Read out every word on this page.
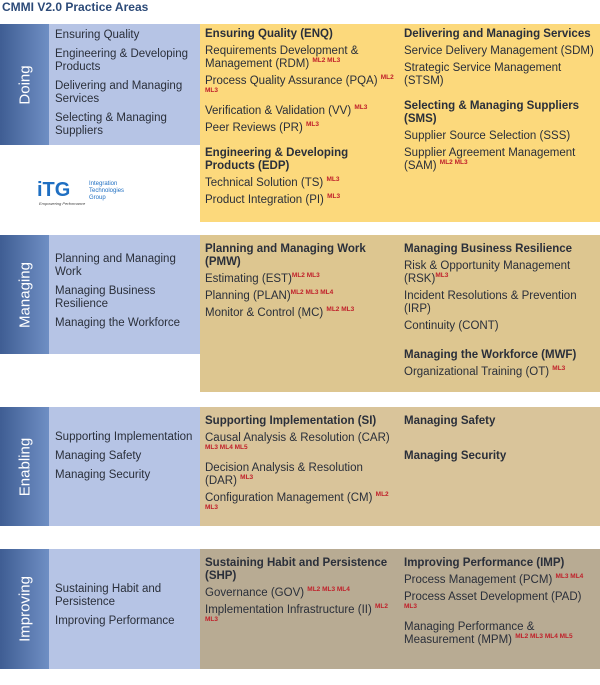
CMMI V2.0 Practice Areas
Doing
Ensuring Quality
Engineering & Developing Products
Delivering and Managing Services
Selecting & Managing Suppliers
Ensuring Quality (ENQ)
Requirements Development & Management (RDM) $^{ML2 ML3}$
Process Quality Assurance (PQA) $^{ML2 ML3}$
Verification & Validation (VV) $^{ML3}$
Peer Reviews (PR) $^{ML3}$
Engineering & Developing Products (EDP)
Technical Solution (TS) $^{ML3}$
Product Integration (PI) $^{ML3}$
Delivering and Managing Services
Service Delivery Management (SDM)
Strategic Service Management (STSM)
Selecting & Managing Suppliers (SMS)
Supplier Source Selection (SSS)
Supplier Agreement Management (SAM) $^{ML2 ML3}$
iTG	Integration
Technologies
Group
Empowering Performance
Managing
Planning and Managing Work
Managing Business Resilience
Managing the Workforce
Planning and Managing Work (PMW)
Estimating (EST)$^{ML2 ML3}$
Planning (PLAN)$^{ML2 ML3 ML4}$
Monitor & Control (MC) $^{ML2 ML3}$
Managing Business Resilience
Risk & Opportunity Management (RSK)$^{ML3}$
Incident Resolutions & Prevention (IRP)
Continuity (CONT)
Managing the Workforce (MWF)
Organizational Training (OT) $^{ML3}$
Enabling
Supporting Implementation
Managing Safety
Managing Security
Supporting Implementation (SI)
Causal Analysis & Resolution (CAR) $^{ML3 ML4 ML5}$
Decision Analysis & Resolution (DAR) $^{ML3}$
Configuration Management (CM) $^{ML2 ML3}$
Managing Safety
Managing Security
Improving	Sustaining Habit and Persistence
Improving Performance
Sustaining Habit and Persistence (SHP)
Governance (GOV) $^{ML2 ML3 ML4}$
Implementation Infrastructure (II) $^{ML2 ML3}$
Improving Performance (IMP)
Process Management (PCM) $^{ML3 ML4}$
Process Asset Development (PAD) $^{ML3}$
Managing Performance & Measurement (MPM) $^{ML2 ML3 ML4 ML5}$
